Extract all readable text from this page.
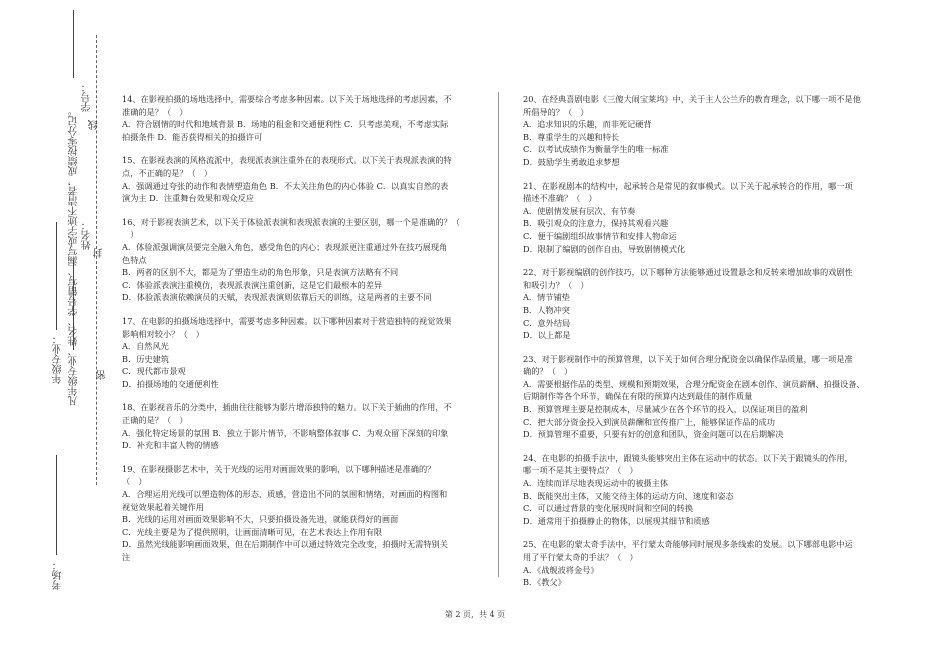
考场：
年级专业： 凡年级专业、姓名、学号错写、漏写或字迹不清者，成绩按零分记。 姓名：
学号：
线
封
密
14、在影视拍摄的场地选择中，需要综合考虑多种因素。以下关于场地选择的考虑因素，不
准确的是？（　）
A．符合剧情的时代和地域背景 B．场地的租金和交通便利性 C．只考虑美观，不考虑实际
拍摄条件 D．能否获得相关的拍摄许可
15、在影视表演的风格流派中，表现派表演注重外在的表现形式。以下关于表现派表演的特
点，不正确的是？（　）
A．强调通过夸张的动作和表情塑造角色 B．不太关注角色的内心体验 C．以真实自然的表
演为主 D．注重舞台效果和观众反应
16、对于影视表演艺术，以下关于体验派表演和表现派表演的主要区别，哪一个是准确的？（
　）
A．体验派强调演员要完全融入角色，感受角色的内心；表现派更注重通过外在技巧展现角
色特点
B．两者的区别不大，都是为了塑造生动的角色形象，只是表演方法略有不同
C．体验派表演注重模仿，表现派表演注重创新，这是它们最根本的差异
D．体验派表演依赖演员的天赋，表现派表演则依靠后天的训练，这是两者的主要不同
17、在电影的拍摄场地选择中，需要考虑多种因素。以下哪种因素对于营造独特的视觉效果
影响相对较小？（　）
A．自然风光
B．历史建筑
C．现代都市景观
D．拍摄场地的交通便利性
18、在影视音乐的分类中，插曲往往能够为影片增添独特的魅力。以下关于插曲的作用，不
正确的是？（　）
A．强化特定场景的氛围 B．独立于影片情节，不影响整体叙事 C．为观众留下深刻的印象
D．补充和丰富人物的情感
19、在影视摄影艺术中，关于光线的运用对画面效果的影响，以下哪种描述是准确的？
（　）
A．合理运用光线可以塑造物体的形态、质感，营造出不同的氛围和情绪，对画面的构图和
视觉效果起着关键作用
B．光线的运用对画面效果影响不大，只要拍摄设备先进，就能获得好的画面
C．光线主要是为了提供照明，让画面清晰可见，在艺术表达上作用有限
D．虽然光线能影响画面效果，但在后期制作中可以通过特效完全改变，拍摄时无需特别关
注
20、在经典喜剧电影《三傻大闹宝莱坞》中，关于主人公兰乔的教育理念，以下哪一项不是他
所倡导的？（　）
A．追求知识的乐趣，而非死记硬背
B．尊重学生的兴趣和特长
C．以考试成绩作为衡量学生的唯一标准
D．鼓励学生勇敢追求梦想
21、在影视剧本的结构中，起承转合是常见的叙事模式。以下关于起承转合的作用，哪一项
描述不准确？（　）
A．使剧情发展有层次、有节奏
B．吸引观众的注意力，保持其观看兴趣
C．便于编剧组织故事情节和安排人物命运
D．限制了编剧的创作自由，导致剧情模式化
22、对于影视编剧的创作技巧，以下哪种方法能够通过设置悬念和反转来增加故事的戏剧性
和吸引力？（　）
A．情节铺垫
B．人物冲突
C．意外结局
D．以上都是
23、对于影视制作中的预算管理，以下关于如何合理分配资金以确保作品质量，哪一项是准
确的？（　）
A．需要根据作品的类型、规模和预期效果，合理分配资金在剧本创作、演员薪酬、拍摄设备、
后期制作等各个环节，确保在有限的预算内达到最佳的制作质量
B．预算管理主要是控制成本，尽量减少在各个环节的投入，以保证项目的盈利
C．把大部分资金投入到演员薪酬和宣传推广上，能够保证作品的成功
D．预算管理不重要，只要有好的创意和团队，资金问题可以在后期解决
24、在电影的拍摄手法中，跟镜头能够突出主体在运动中的状态。以下关于跟镜头的作用，
哪一项不是其主要特点？（　）
A．连续而详尽地表现运动中的被摄主体
B．既能突出主体，又能交待主体的运动方向、速度和姿态
C．可以通过背景的变化展现时间和空间的转换
D．通常用于拍摄静止的物体，以展现其细节和质感
25、在电影的蒙太奇手法中，平行蒙太奇能够同时展现多条线索的发展。以下哪部电影中运
用了平行蒙太奇的手法？（　）
A．《战舰波将金号》
B．《教父》
第 2 页，共 4 页
